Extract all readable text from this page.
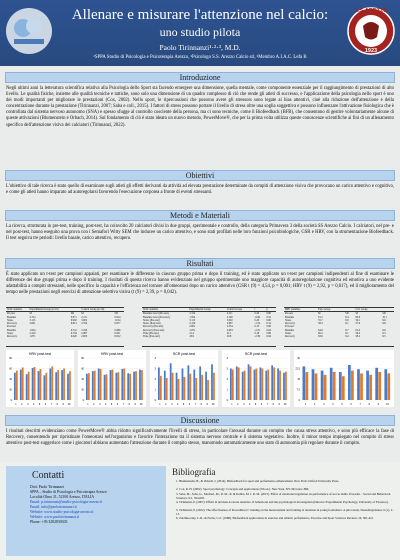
Allenare e misurare l'attenzione nel calcio:
uno studio pilota
Paolo Tirinnanzi¹·²·³, M.D.
¹SPPA Studio di Psicologia e Psicoterapia Arezzo, ²Psicologo S.S. Arezzo Calcio srl, ³Membro A.I.A.C. Lefa B
S.S.AREZZO
1923
Introduzione
Negli ultimi anni la letteratura scientifica relativa alla Psicologia dello Sport sta facendo emergere una dimensione, quella mentale, come componente essenziale per il raggiungimento di prestazioni di alto livello. Le qualità fisiche, insieme alle qualità tecniche e tattiche, sono solo una dimensione di un quadro complesso di ciò che rende gli atleti di successo, e l'applicazione della psicologia nello sport è uno dei modi importanti per migliorare le prestazioni (Cox, 2002). Nello sport, le ripercussioni che possono avere gli stressors sono legate ai bias attentivi, cioè alla riduzione dell'attenzione e della concentrazione durante la prestazione (Tirinnanzi, 2007; Saba e coll., 2015). I fattori di stress possono portare il livello di stress oltre una soglia soggettiva e possono influenzare l'attivazione fisiologica che è controllata dal sistema nervoso autonomo (SNA) e spesso sfugge al controllo cosciente della persona, ma ci sono tecniche, come il Biofeedback (BFB), che consentono di gestire volontariamente alcune di queste attivazioni (Blumenstein e Orbach, 2014). Sul fondamento di ciò è stato ideato un nuovo metodo, PowerMove®, che per la prima volta utilizza queste conoscenze scientifiche ai fini di un allenamento specifico dell'attenzione visiva dei calciatori (Tirinnanzi, 2022).
Obiettivi
L'obiettivo di tale ricerca è stato quello di esaminare sugli atleti gli effetti derivanti da attività ad elevata prestazione determinate da compiti di attenzione visiva che provocano un carico attentivo e cognitivo, e come gli atleti hanno imparato ad autoregolarsi favorendo l'esecuzione corporea a fronte di eventi stressanti.
Metodi e Materiali
La ricerca, strutturata in pre-test, training, post-test, ha coinvolto 20 calciatori divisi in due gruppi, sperimentale e controllo, della categoria Primavera 3 della società SS Arezzo Calcio. I calciatori, nel pre- e nel post-test, hanno eseguito una prova con i Semafori Witty SEM che inducee un carico attentivo, e sono stati profilati nelle loro funzioni psicobiologiche, GSR e HRV, con la strumentazione Biofeedback. Il test seguiva tre periodi: livello basale, carico attentivo, recupero.
Risultati
È stato applicato un t-test per campioni appaiati, per esaminare le differenze in ciascun gruppo prima e dopo il training, ed è stato applicato un t-test per campioni indipendenti al fine di esaminare le differenze dei due gruppi prima e dopo il training. I risultati di questa ricerca hanno evidenziato nel gruppo sperimentale uno maggiore capacità di autoregolazione cognitiva ed emotiva a uno evidente adattabilità a compiti stressanti, nelle specifico la capacità e l'efficienza nel tornare all'omeostasi dopo un carico attentivo (GSR t (9) = 4,54, p = 0,001; HRV t (9) = 2,92, p = 0,017), ed il miglioramento del tempo nelle prestazioni negli esercizi di attenzione selettiva visiva (t (9) = 2,39, p = 0,042).
SCR variables	Experimental Group (n=10)		Control Group (n=10)	
Pre-test	M	SD	M	SD
Baseline	2.314	0.871	2.211	0.914
Stress	3.115	0.902	3.002	1.014
Recovery	2.601	0.813	2.554	0.877
Post-test				
Baseline	1.954	0.741	2.190	0.866
Stress	2.410	0.704	2.987	0.951
Recovery	1.871	0.620	2.603	0.812
SCR variables	Experimental Group	Control Group	t	p
Baseline Level (Pre-test)	2.314	2.211	0.26	0.80
Baseline Level (Post-test)	1.954	2.190	-0.66	0.52
Stress (Pre-test)	3.115	3.002	0.26	0.80
Stress (Post-test)	2.410	2.987	-1.54	0.14
Recovery (Pre-test)	2.601	2.554	0.13	0.90
Recovery (Post-test)	1.871	2.603	-2.25	0.04
Time (Pre-test)	21.4	21.1	0.18	0.86
Time (Post-test)	18.9	20.8	-2.39	0.04
HRV variables	Exp. Group		Ctrl. Group	
Pre-test	M	SD	M	SD
Baseline	61.2	9.4	60.8	10.1
Stress	55.7	8.9	56.1	9.6
Recovery	58.3	9.1	57.9	9.8
Post-test				
Baseline	64.8	8.7	61.0	9.9
Stress	60.2	8.1	56.4	9.3
Recovery	63.9	8.4	58.2	9.5
0
20
40
60
80
HRV post-test
1 2 3 4 5 6 7 8 9 10
0
20
40
60
80
HRV post-test
1 2 3 4 5 6 7 8 9 10
0
1
2
3
4
SCR post-test
1 2 3 4 5 6 7 8 9 10
0
1
2
3
4
SCR post-test
1 2 3 4 5 6 7 8 9 10
0
7.5
15
22.5
30
1	2	3	4	5	6	7	8	9	10
Discussione
I risultati descritti evidenziano come PowerMove® abbia ridotto significativamente l'livelli di stress, in particolare l'arousal durante un compito che causa stress attentivo, e sono più efficace la fase di Recovery, consentendo per ripristinare l'omeostasi nell'organismo e favorire l'interazione tra il sistema nervoso centrale e il sistema vegetativo. Inoltre, il minor tempo impiegato nel compito di stress attentivo post-test suggerisce come i giocatori abbiano aumentato l'attenzione durante il compito stesso, manomndo automaticamente uno stato di autonomia più regolare durante il compito.
Contatti
Dott. Paolo Tirinnanzi
SPPA – Studio di Psicologia e Psicoterapia Arezzo
Località Olmo 21, 52100 Arezzo, ITALIA
Email: p.tirinnanzi@studio-psicologia-arezzo.it
Email: info@paolotirinnanzi.it
Website: www.studio-psicologia-arezzo.it
Website: www.paolotirinnanzi.it
Phone: +39.3282830303
Bibliografia
1. Blumenstein, B., & Orbach, I. (2014). Biofeedback for sport and performance enhancement. New York: Oxford University Press.
2. Cox, R. H. (2002). Sport psychology: Concepts and applications (5th ed.). New York, NY: McGraw-Hill.
3. Saba, M., Saba, G., Mecheri, M., R. M., R. & Kabba, M. J. R. M. (2015). Effect of emotional regulation on performance of soccer skills. Procedia – Social and Behavioral Sciences, 9:1, 594-605.
4. Tirinnanzi, P. (2007). Effetti di un'ansia da stress attentivo. Il behavioral and the psychological investigation (Director Experimental Psychology, University of Florence).
5. Tirinnanzi, P. (2022). The effectiveness of PowerMove® training on the measurement and training of attention in young footballers: A pilot study. NeuroRegulation, 9 (1), 2-13.
6. Zaichkowsky, L.D., & Fuchs, C.Z. (1988). Biofeedback applications in exercise and athletic performance. Exercise and Sport Sciences Reviews 16, 381-421.
